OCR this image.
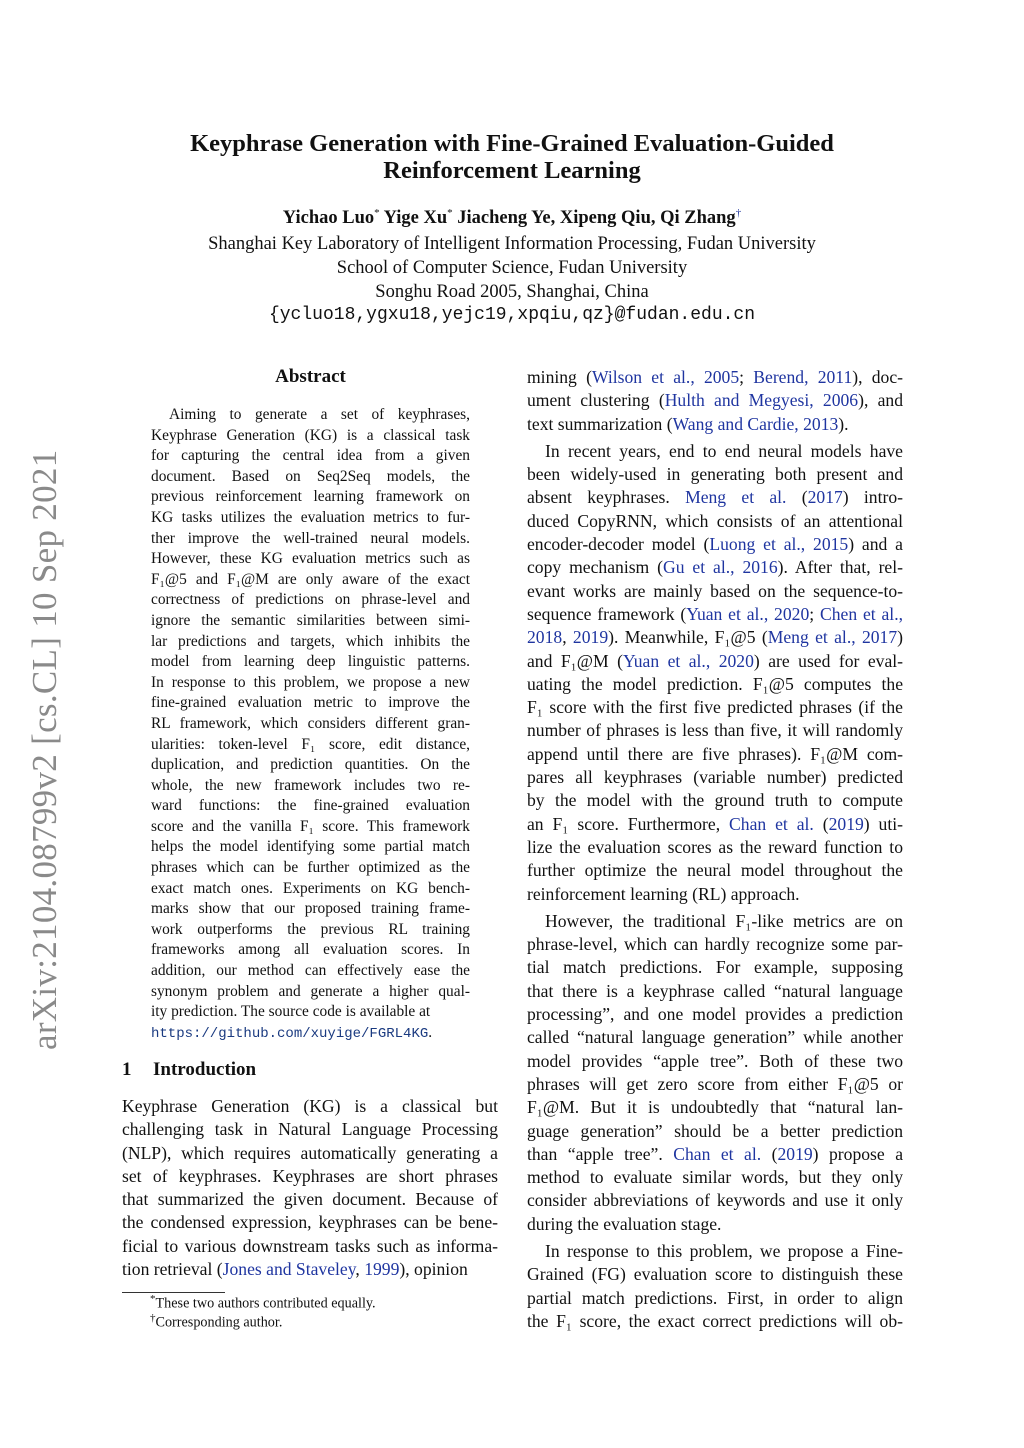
arXiv:2104.08799v2 [cs.CL] 10 Sep 2021
Keyphrase Generation with Fine-Grained Evaluation-Guided
Reinforcement Learning
Yichao Luo* Yige Xu* Jiacheng Ye, Xipeng Qiu, Qi Zhang†
Shanghai Key Laboratory of Intelligent Information Processing, Fudan University
School of Computer Science, Fudan University
Songhu Road 2005, Shanghai, China
{ycluo18,ygxu18,yejc19,xpqiu,qz}@fudan.edu.cn
Abstract
Aiming to generate a set of keyphrases,
Keyphrase Generation (KG) is a classical task
for capturing the central idea from a given
document. Based on Seq2Seq models, the
previous reinforcement learning framework on
KG tasks utilizes the evaluation metrics to fur-
ther improve the well-trained neural models.
However, these KG evaluation metrics such as
F₁@5 and F₁@M are only aware of the exact
correctness of predictions on phrase-level and
ignore the semantic similarities between simi-
lar predictions and targets, which inhibits the
model from learning deep linguistic patterns.
In response to this problem, we propose a new
fine-grained evaluation metric to improve the
RL framework, which considers different gran-
ularities: token-level F₁ score, edit distance,
duplication, and prediction quantities. On the
whole, the new framework includes two re-
ward functions: the fine-grained evaluation
score and the vanilla F₁ score. This framework
helps the model identifying some partial match
phrases which can be further optimized as the
exact match ones. Experiments on KG bench-
marks show that our proposed training frame-
work outperforms the previous RL training
frameworks among all evaluation scores. In
addition, our method can effectively ease the
synonym problem and generate a higher qual-
ity prediction. The source code is available at
https://github.com/xuyige/FGRL4KG.
1 Introduction
Keyphrase Generation (KG) is a classical but
challenging task in Natural Language Processing
(NLP), which requires automatically generating a
set of keyphrases. Keyphrases are short phrases
that summarized the given document. Because of
the condensed expression, keyphrases can be bene-
ficial to various downstream tasks such as informa-
tion retrieval (Jones and Staveley, 1999), opinion
mining (Wilson et al., 2005; Berend, 2011), doc-
ument clustering (Hulth and Megyesi, 2006), and
text summarization (Wang and Cardie, 2013).
In recent years, end to end neural models have
been widely-used in generating both present and
absent keyphrases. Meng et al. (2017) intro-
duced CopyRNN, which consists of an attentional
encoder-decoder model (Luong et al., 2015) and a
copy mechanism (Gu et al., 2016). After that, rel-
evant works are mainly based on the sequence-to-
sequence framework (Yuan et al., 2020; Chen et al.,
2018, 2019). Meanwhile, F₁@5 (Meng et al., 2017)
and F₁@M (Yuan et al., 2020) are used for eval-
uating the model prediction. F₁@5 computes the
F₁ score with the first five predicted phrases (if the
number of phrases is less than five, it will randomly
append until there are five phrases). F₁@M com-
pares all keyphrases (variable number) predicted
by the model with the ground truth to compute
an F₁ score. Furthermore, Chan et al. (2019) uti-
lize the evaluation scores as the reward function to
further optimize the neural model throughout the
reinforcement learning (RL) approach.
However, the traditional F₁-like metrics are on
phrase-level, which can hardly recognize some par-
tial match predictions. For example, supposing
that there is a keyphrase called “natural language
processing”, and one model provides a prediction
called “natural language generation” while another
model provides “apple tree”. Both of these two
phrases will get zero score from either F₁@5 or
F₁@M. But it is undoubtedly that “natural lan-
guage generation” should be a better prediction
than “apple tree”. Chan et al. (2019) propose a
method to evaluate similar words, but they only
consider abbreviations of keywords and use it only
during the evaluation stage.
In response to this problem, we propose a Fine-
Grained (FG) evaluation score to distinguish these
partial match predictions. First, in order to align
the F₁ score, the exact correct predictions will ob-
*These two authors contributed equally.
†Corresponding author.
